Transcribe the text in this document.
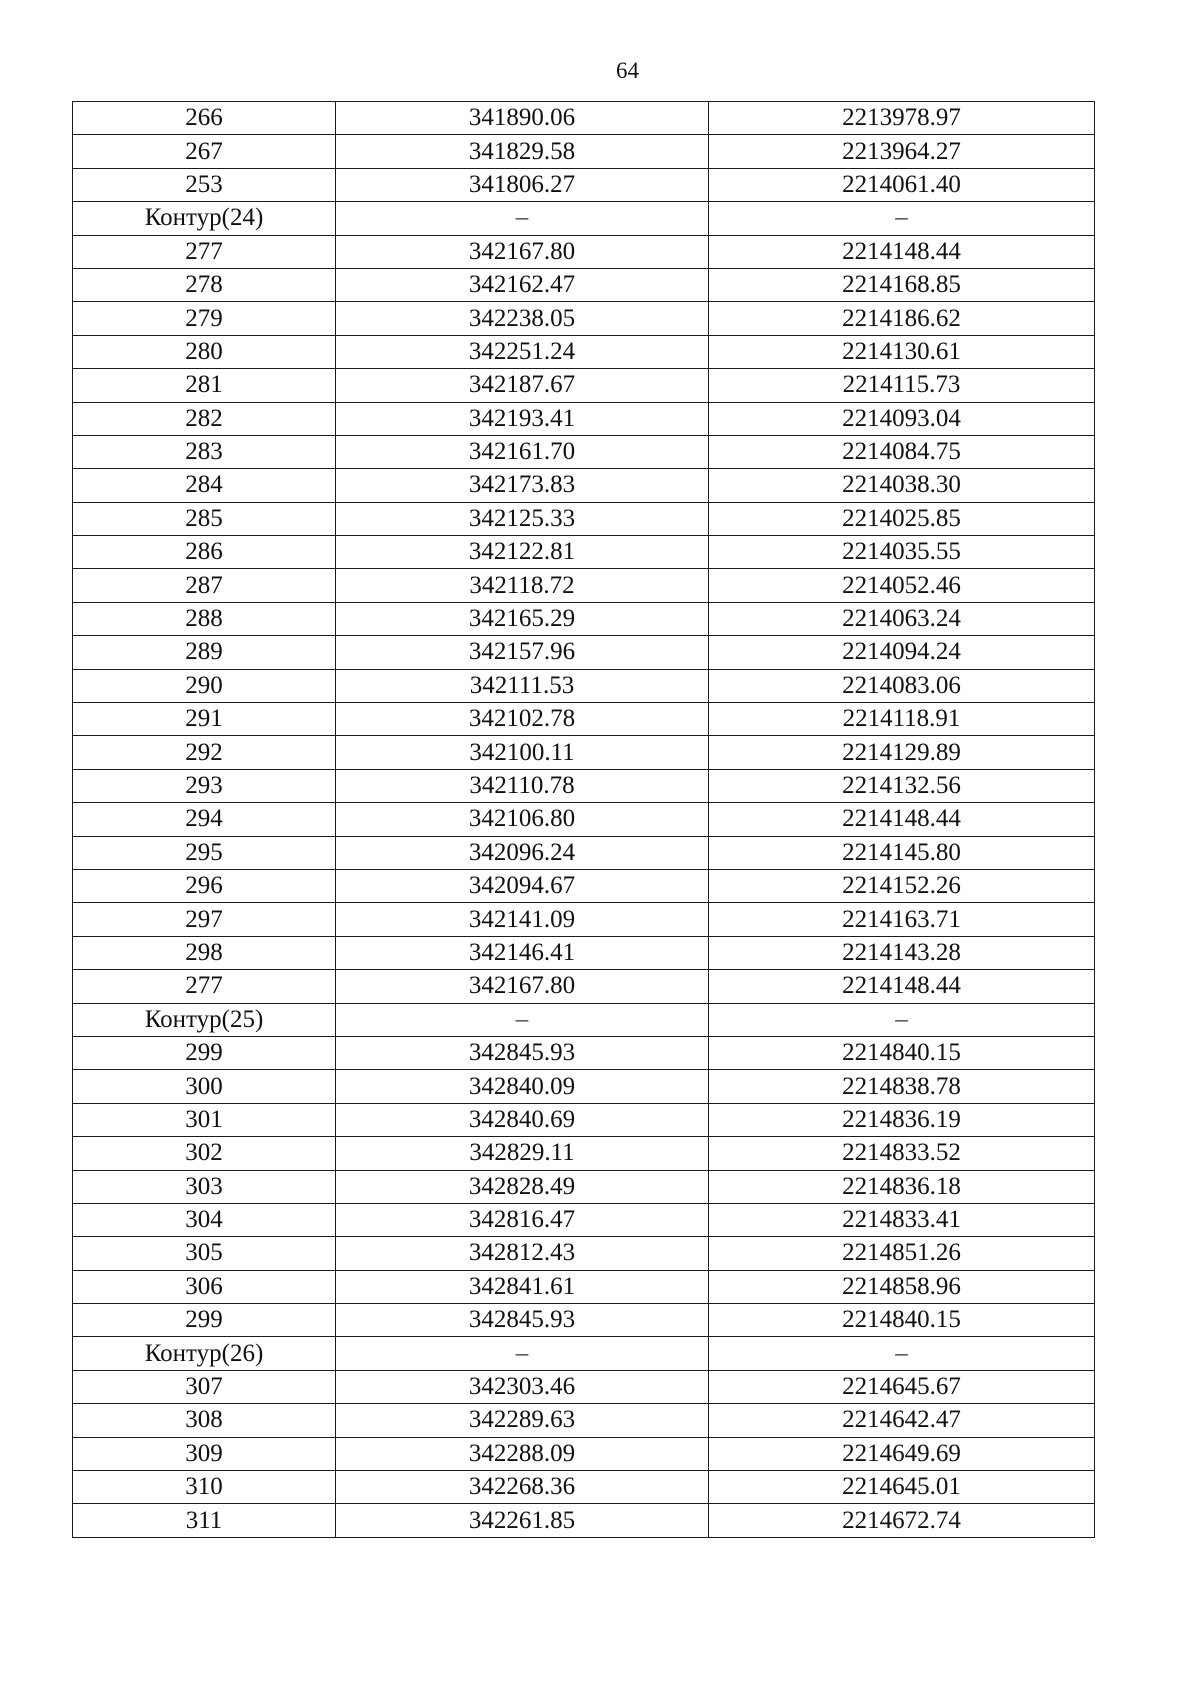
64
266	341890.06	2213978.97
267	341829.58	2213964.27
253	341806.27	2214061.40
Контур(24)	–	–
277	342167.80	2214148.44
278	342162.47	2214168.85
279	342238.05	2214186.62
280	342251.24	2214130.61
281	342187.67	2214115.73
282	342193.41	2214093.04
283	342161.70	2214084.75
284	342173.83	2214038.30
285	342125.33	2214025.85
286	342122.81	2214035.55
287	342118.72	2214052.46
288	342165.29	2214063.24
289	342157.96	2214094.24
290	342111.53	2214083.06
291	342102.78	2214118.91
292	342100.11	2214129.89
293	342110.78	2214132.56
294	342106.80	2214148.44
295	342096.24	2214145.80
296	342094.67	2214152.26
297	342141.09	2214163.71
298	342146.41	2214143.28
277	342167.80	2214148.44
Контур(25)	–	–
299	342845.93	2214840.15
300	342840.09	2214838.78
301	342840.69	2214836.19
302	342829.11	2214833.52
303	342828.49	2214836.18
304	342816.47	2214833.41
305	342812.43	2214851.26
306	342841.61	2214858.96
299	342845.93	2214840.15
Контур(26)	–	–
307	342303.46	2214645.67
308	342289.63	2214642.47
309	342288.09	2214649.69
310	342268.36	2214645.01
311	342261.85	2214672.74
